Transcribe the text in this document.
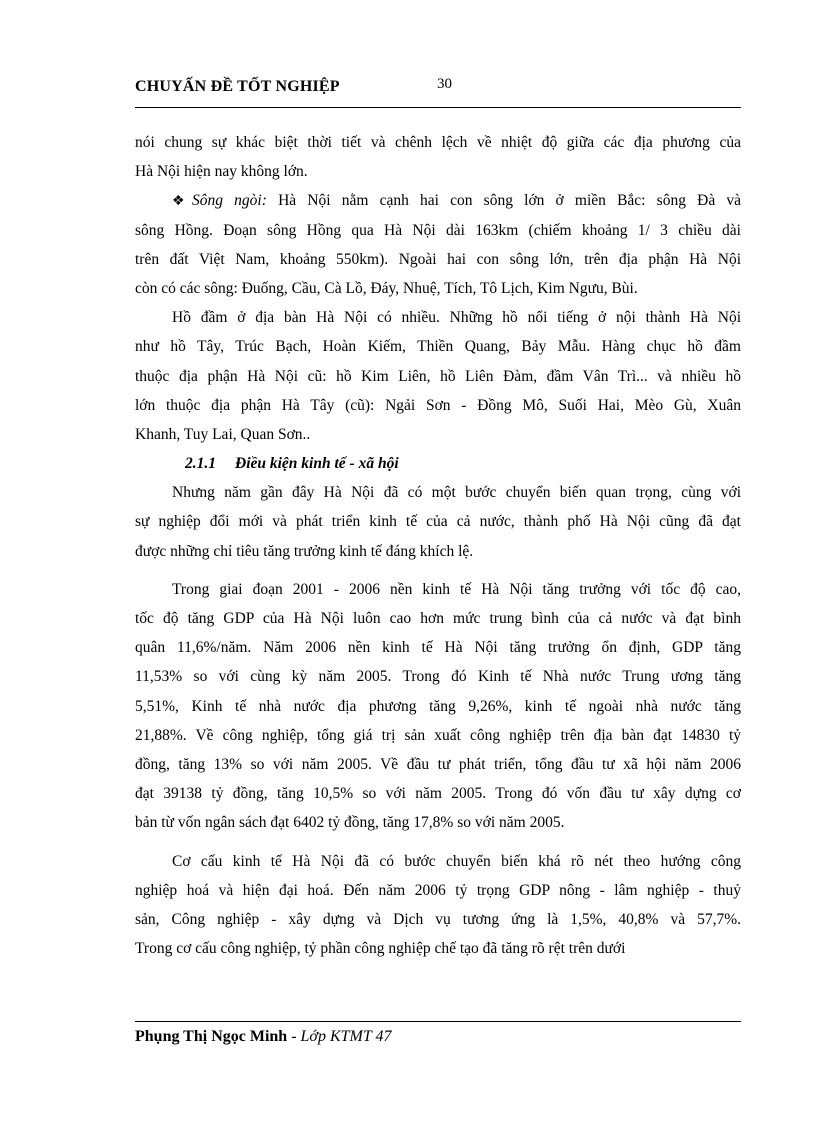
CHUYẤN ĐỀ TỐT NGHIỆP	30
nói chung sự khác biệt thời tiết và chênh lệch về nhiệt độ giữa các địa phương của
Hà Nội hiện nay không lớn.
❖ Sông ngòi: Hà Nội nằm cạnh hai con sông lớn ở miền Bắc: sông Đà và
sông Hồng. Đoạn sông Hồng qua Hà Nội dài 163km (chiếm khoảng 1/ 3 chiều dài
trên đất Việt Nam, khoảng 550km). Ngoài hai con sông lớn, trên địa phận Hà Nội
còn có các sông: Đuống, Cầu, Cà Lồ, Đáy, Nhuệ, Tích, Tô Lịch, Kim Ngưu, Bùi.
Hồ đầm ở địa bàn Hà Nội có nhiều. Những hồ nổi tiếng ở nội thành Hà Nội
như hồ Tây, Trúc Bạch, Hoàn Kiếm, Thiền Quang, Bảy Mẫu. Hàng chục hồ đầm
thuộc địa phận Hà Nội cũ: hồ Kim Liên, hồ Liên Đàm, đầm Vân Trì... và nhiều hồ
lớn thuộc địa phận Hà Tây (cũ): Ngải Sơn - Đồng Mô, Suối Hai, Mèo Gù, Xuân
Khanh, Tuy Lai, Quan Sơn..
2.1.1 Điều kiện kinh tế - xã hội
Nhưng năm gần đây Hà Nội đã có một bước chuyển biến quan trọng, cùng với
sự nghiệp đổi mới và phát triển kinh tế của cả nước, thành phố Hà Nội cũng đã đạt
được những chỉ tiêu tăng trưởng kinh tế đáng khích lệ.
Trong giai đoạn 2001 - 2006 nền kinh tế Hà Nội tăng trưởng với tốc độ cao,
tốc độ tăng GDP của Hà Nội luôn cao hơn mức trung bình của cả nước và đạt bình
quân 11,6%/năm. Năm 2006 nền kinh tế Hà Nội tăng trưởng ổn định, GDP tăng
11,53% so với cùng kỳ năm 2005. Trong đó Kinh tế Nhà nước Trung ương tăng
5,51%, Kinh tế nhà nước địa phương tăng 9,26%, kinh tế ngoài nhà nước tăng
21,88%. Về công nghiệp, tổng giá trị sản xuất công nghiệp trên địa bàn đạt 14830 tỷ
đồng, tăng 13% so với năm 2005. Về đầu tư phát triển, tổng đầu tư xã hội năm 2006
đạt 39138 tỷ đồng, tăng 10,5% so với năm 2005. Trong đó vốn đầu tư xây dựng cơ
bản từ vốn ngân sách đạt 6402 tỷ đồng, tăng 17,8% so với năm 2005.
Cơ cấu kinh tế Hà Nội đã có bước chuyển biến khá rõ nét theo hướng công
nghiệp hoá và hiện đại hoá. Đến năm 2006 tỷ trọng GDP nông - lâm nghiệp - thuỷ
sản, Công nghiệp - xây dựng và Dịch vụ tương ứng là 1,5%, 40,8% và 57,7%.
Trong cơ cấu công nghiệp, tỷ phần công nghiệp chế tạo đã tăng rõ rệt trên dưới
Phụng Thị Ngọc Minh - Lớp KTMT 47
